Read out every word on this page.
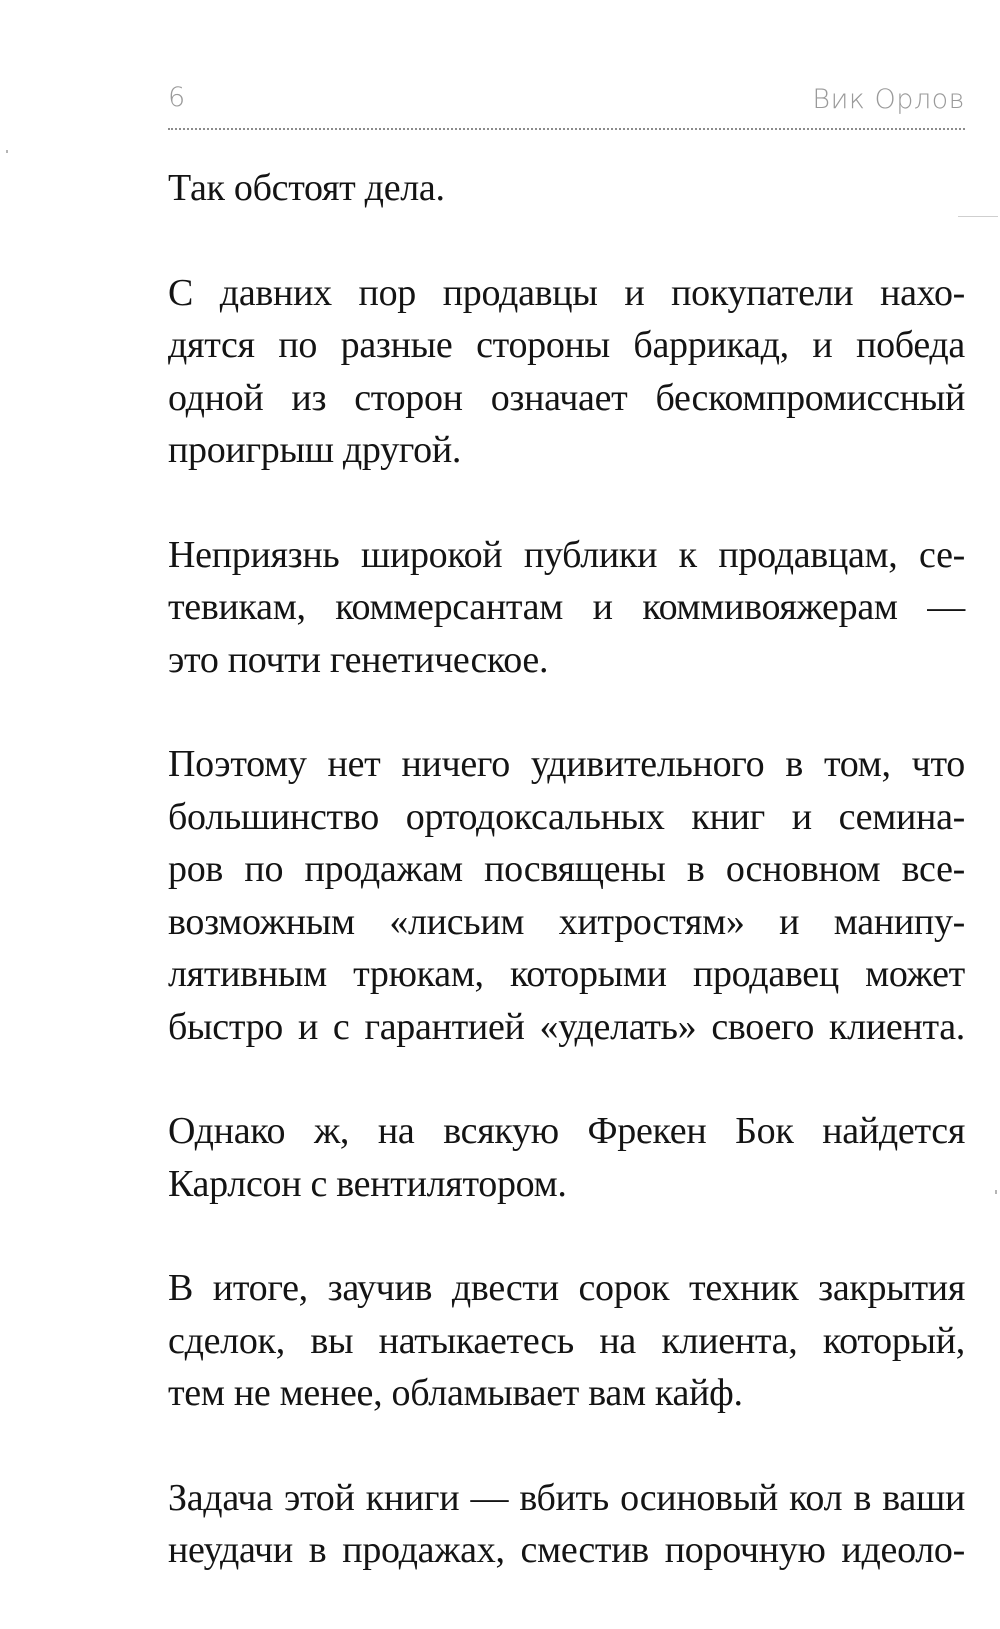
6	Вик Орлов

Так обстоят дела.

С давних пор продавцы и покупатели нахо-
дятся по разные стороны баррикад, и победа
одной из сторон означает бескомпромиссный
проигрыш другой.

Неприязнь широкой публики к продавцам, се-
тевикам, коммерсантам и коммивояжерам —
это почти генетическое.

Поэтому нет ничего удивительного в том, что
большинство ортодоксальных книг и семина-
ров по продажам посвящены в основном все-
возможным «лисьим хитростям» и манипу-
лятивным трюкам, которыми продавец может
быстро и с гарантией «уделать» своего клиента.

Однако ж, на всякую Фрекен Бок найдется
Карлсон с вентилятором.

В итоге, заучив двести сорок техник закрытия
сделок, вы натыкаетесь на клиента, который,
тем не менее, обламывает вам кайф.

Задача этой книги — вбить осиновый кол в ваши
неудачи в продажах, сместив порочную идеоло-
